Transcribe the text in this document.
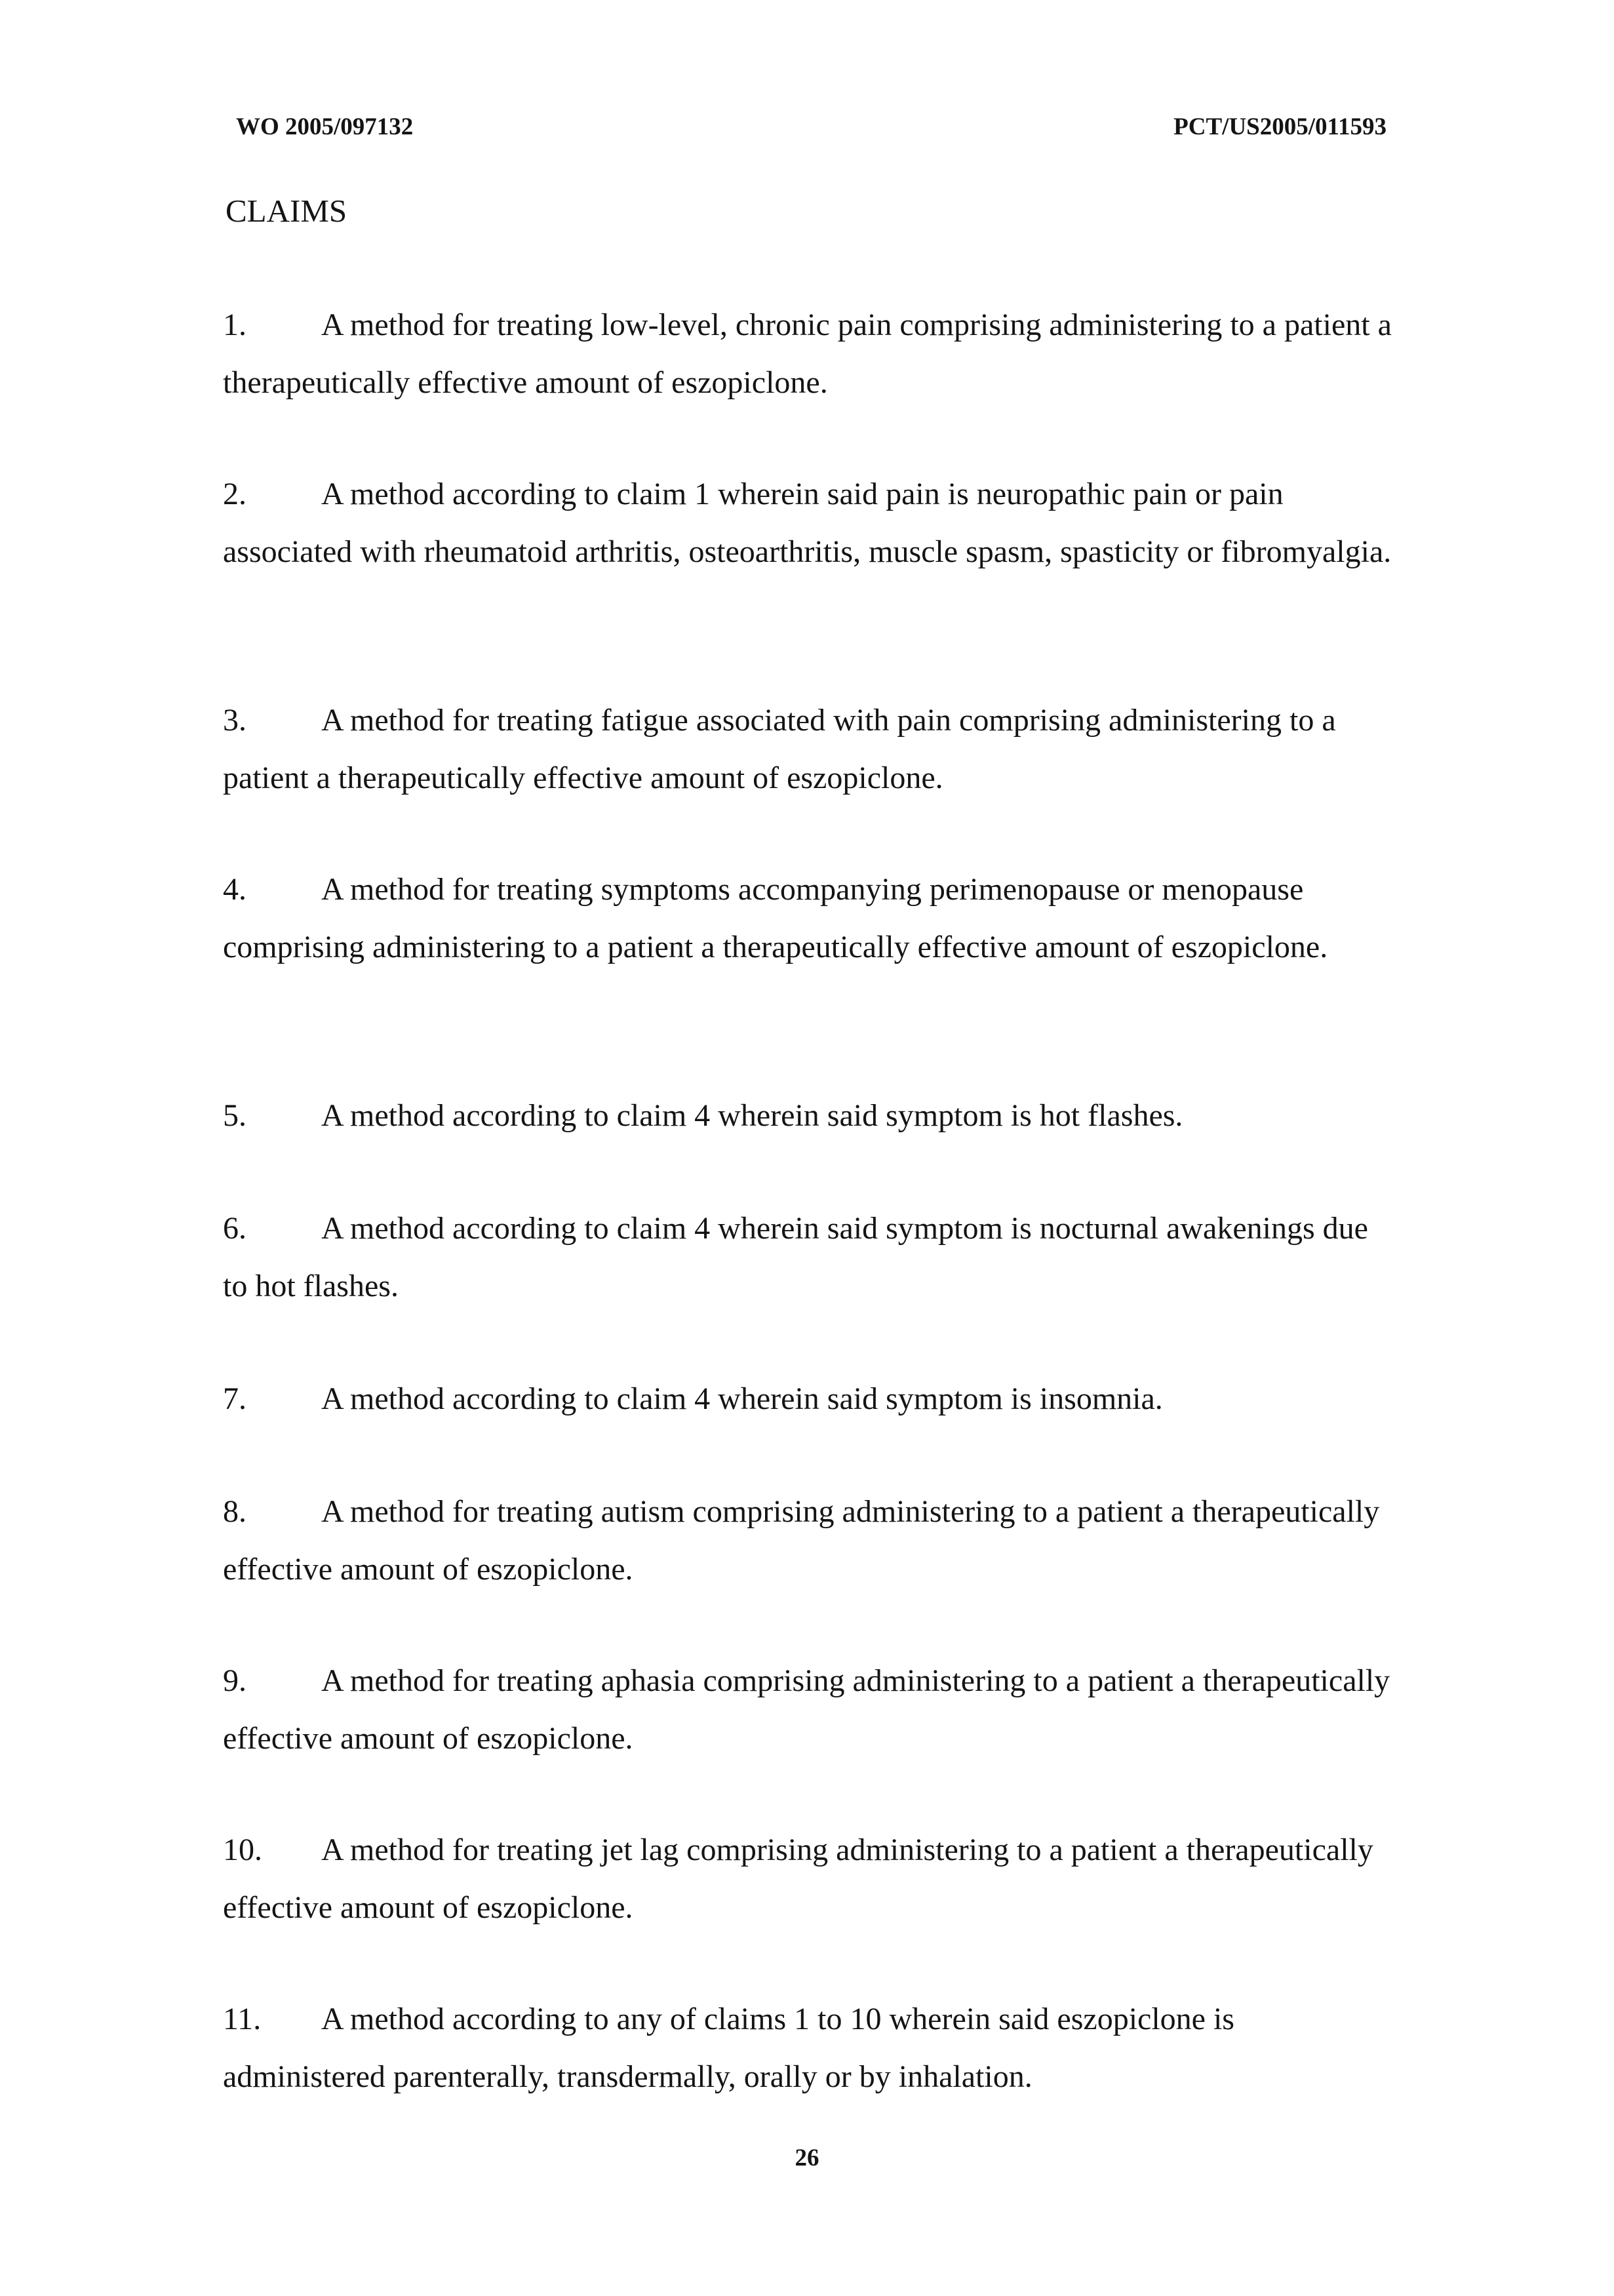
WO 2005/097132	PCT/US2005/011593
CLAIMS
1.	A method for treating low-level, chronic pain comprising administering to a patient a therapeutically effective amount of eszopiclone.
2.	A method according to claim 1 wherein said pain is neuropathic pain or pain associated with rheumatoid arthritis, osteoarthritis, muscle spasm, spasticity or fibromyalgia.
3.	A method for treating fatigue associated with pain comprising administering to a patient a therapeutically effective amount of eszopiclone.
4.	A method for treating symptoms accompanying perimenopause or menopause comprising administering to a patient a therapeutically effective amount of eszopiclone.
5.	A method according to claim 4 wherein said symptom is hot flashes.
6.	A method according to claim 4 wherein said symptom is nocturnal awakenings due to hot flashes.
7.	A method according to claim 4 wherein said symptom is insomnia.
8.	A method for treating autism comprising administering to a patient a therapeutically effective amount of eszopiclone.
9.	A method for treating aphasia comprising administering to a patient a therapeutically effective amount of eszopiclone.
10.	A method for treating jet lag comprising administering to a patient a therapeutically effective amount of eszopiclone.
11.	A method according to any of claims 1 to 10 wherein said eszopiclone is administered parenterally, transdermally, orally or by inhalation.
26
